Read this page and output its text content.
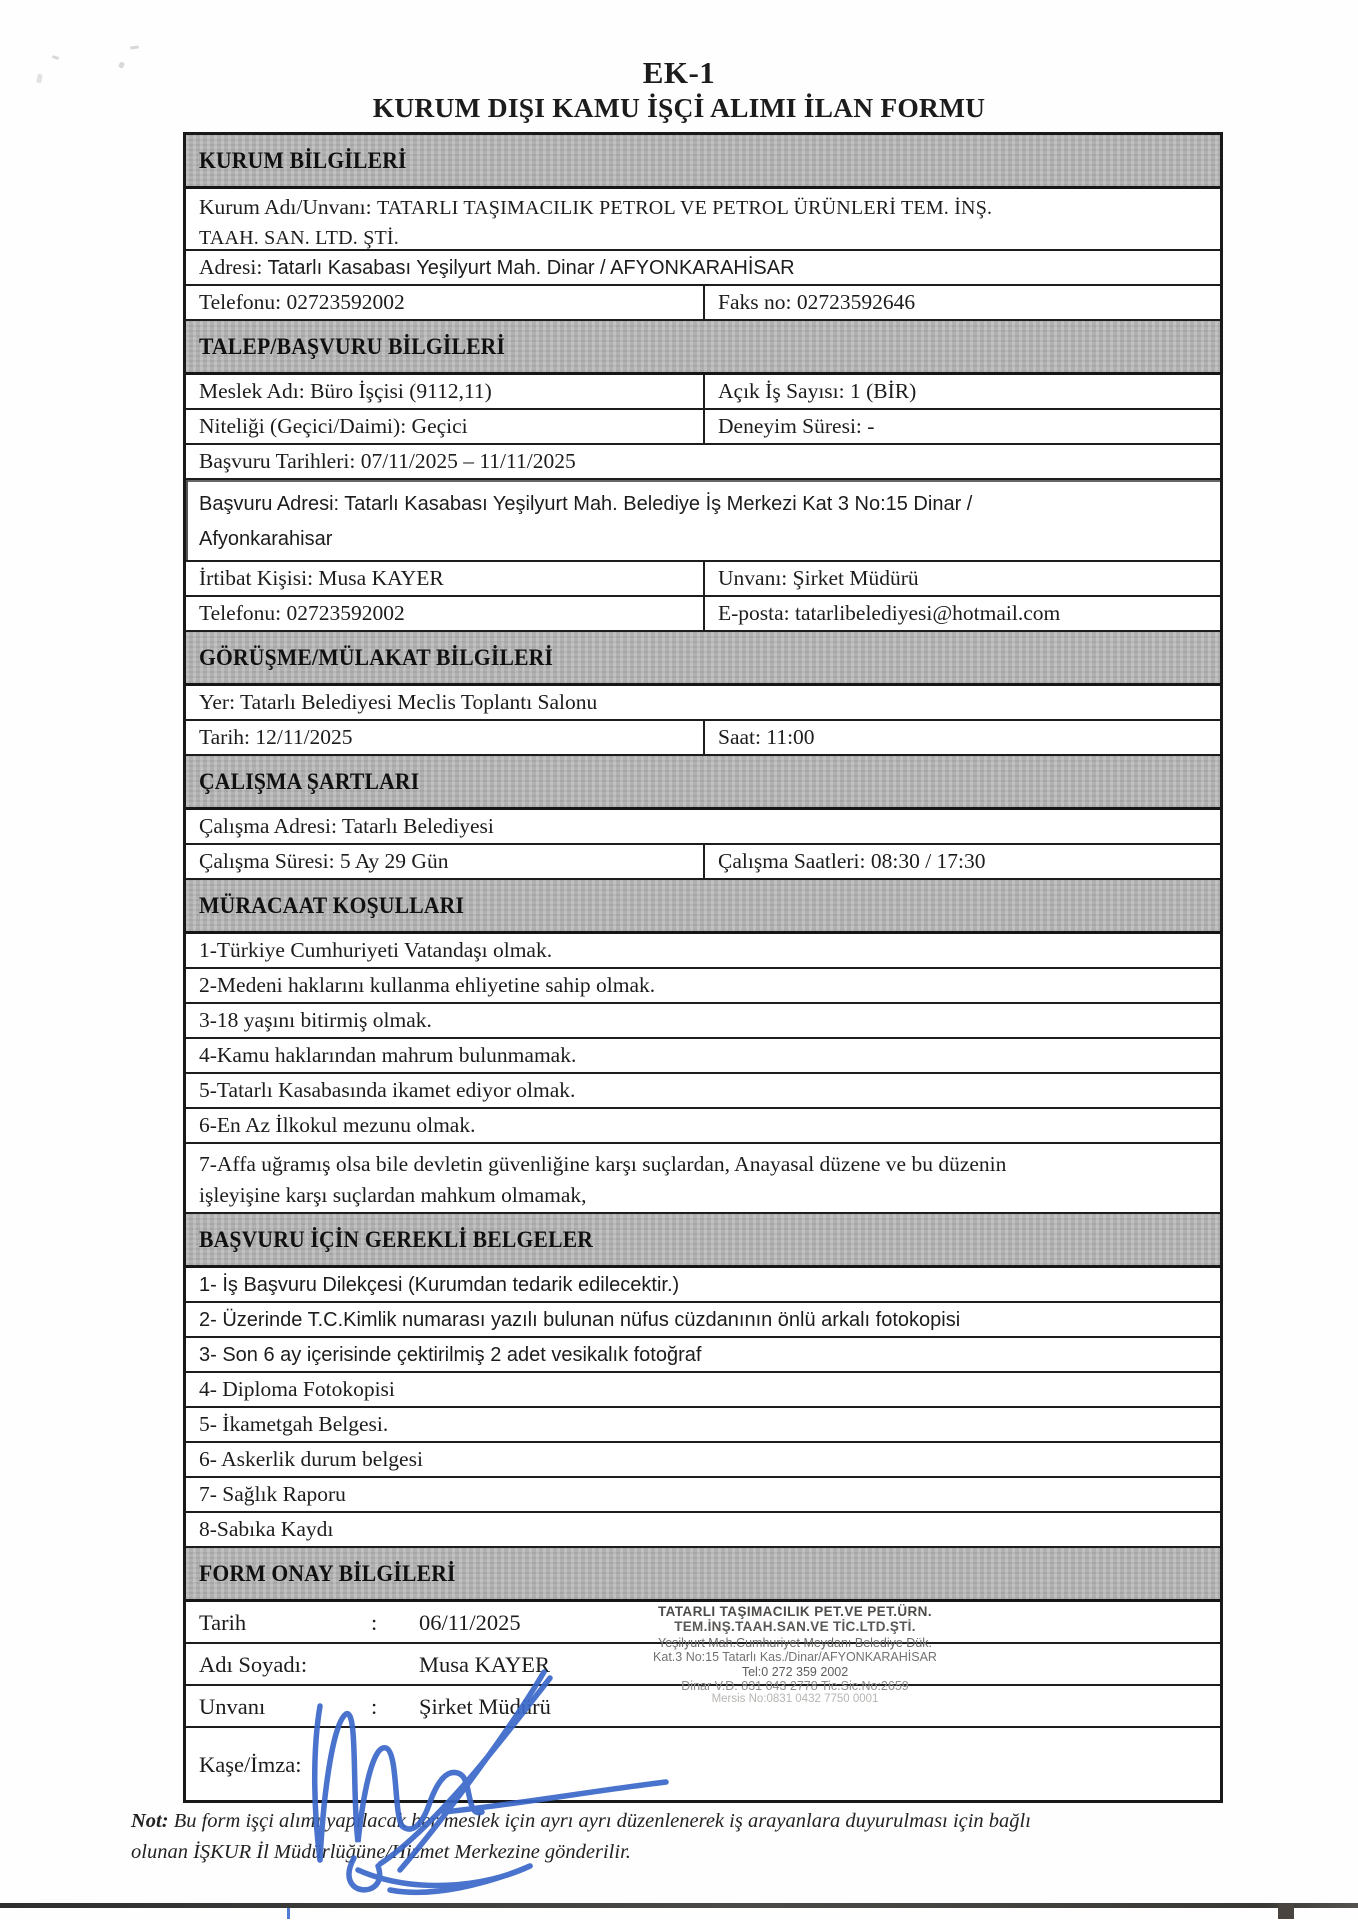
EK-1
KURUM DIŞI KAMU İŞÇİ ALIMI İLAN FORMU
KURUM BİLGİLERİ
Kurum Adı/Unvanı: TATARLI TAŞIMACILIK PETROL VE PETROL ÜRÜNLERİ TEM. İNŞ.
TAAH. SAN. LTD. ŞTİ.
Adresi:
Tatarlı Kasabası Yeşilyurt Mah. Dinar / AFYONKARAHİSAR
Telefonu: 02723592002	Faks no: 02723592646
TALEP/BAŞVURU BİLGİLERİ
Meslek Adı: Büro İşçisi (9112,11)	Açık İş Sayısı: 1 (BİR)
Niteliği (Geçici/Daimi): Geçici	Deneyim Süresi: -
Başvuru Tarihleri: 07/11/2025 – 11/11/2025
Başvuru Adresi: Tatarlı Kasabası Yeşilyurt Mah. Belediye İş Merkezi Kat 3 No:15 Dinar /
Afyonkarahisar
İrtibat Kişisi: Musa KAYER	Unvanı: Şirket Müdürü
Telefonu: 02723592002	E-posta: tatarlibelediyesi@hotmail.com
GÖRÜŞME/MÜLAKAT BİLGİLERİ
Yer: Tatarlı Belediyesi Meclis Toplantı Salonu
Tarih: 12/11/2025	Saat: 11:00
ÇALIŞMA ŞARTLARI
Çalışma Adresi: Tatarlı Belediyesi
Çalışma Süresi: 5 Ay 29 Gün	Çalışma Saatleri: 08:30 / 17:30
MÜRACAAT KOŞULLARI
1-Türkiye Cumhuriyeti Vatandaşı olmak.
2-Medeni haklarını kullanma ehliyetine sahip olmak.
3-18 yaşını bitirmiş olmak.
4-Kamu haklarından mahrum bulunmamak.
5-Tatarlı Kasabasında ikamet ediyor olmak.
6-En Az İlkokul mezunu olmak.
7-Affa uğramış olsa bile devletin güvenliğine karşı suçlardan, Anayasal düzene ve bu düzenin
işleyişine karşı suçlardan mahkum olmamak,
BAŞVURU İÇİN GEREKLİ BELGELER
1- İş Başvuru Dilekçesi (Kurumdan tedarik edilecektir.)
2- Üzerinde T.C.Kimlik numarası yazılı bulunan nüfus cüzdanının önlü arkalı fotokopisi
3- Son 6 ay içerisinde çektirilmiş 2 adet vesikalık fotoğraf
4- Diploma Fotokopisi
5- İkametgah Belgesi.
6- Askerlik durum belgesi
7- Sağlık Raporu
8-Sabıka Kaydı
FORM ONAY BİLGİLERİ
Tarih	:	06/11/2025
Adı Soyadı:	Musa KAYER
Unvanı	:	Şirket Müdürü
Kaşe/İmza:
TATARLI TAŞIMACILIK PET.VE PET.ÜRN.
TEM.İNŞ.TAAH.SAN.VE TİC.LTD.ŞTİ.
Yeşilyurt Mah.Cumhuriyet Meydanı Belediye Dük.
Kat.3 No:15 Tatarlı Kas./Dinar/AFYONKARAHİSAR
Tel:0 272 359 2002
Dinar V.D. 831 043 2778 Tic.Sic.No:2659
Mersis No:0831 0432 7750 0001
Not: Bu form işçi alımı yapılacak her meslek için ayrı ayrı düzenlenerek iş arayanlara duyurulması için bağlı
olunan İŞKUR İl Müdürlüğüne/Hizmet Merkezine gönderilir.
